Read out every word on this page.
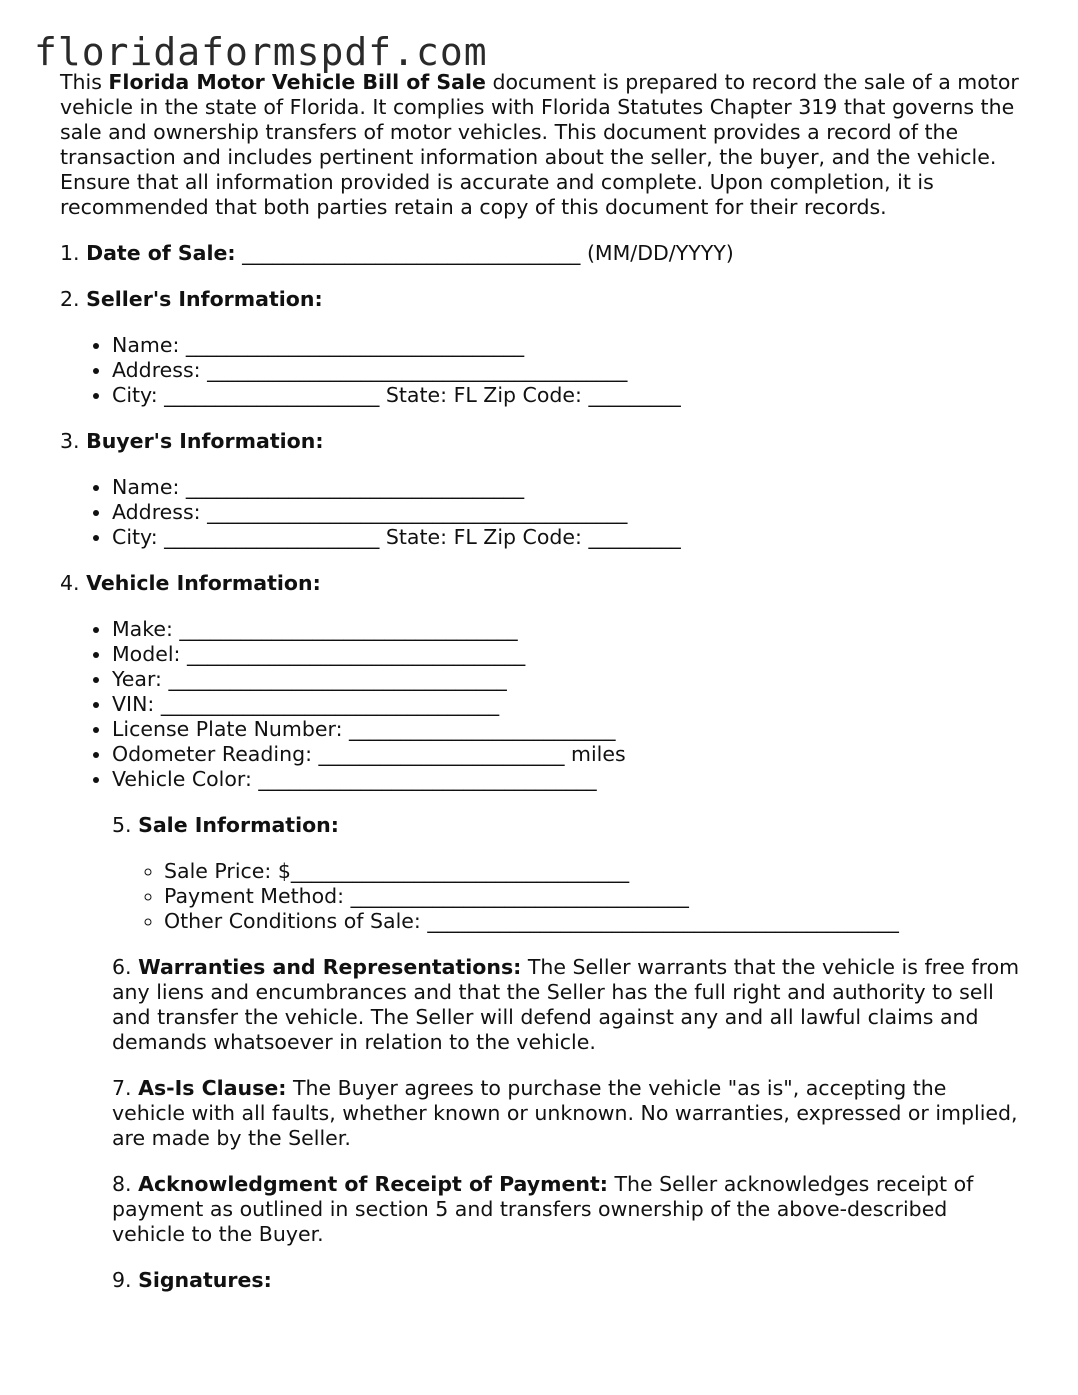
floridaformspdf.com

This Florida Motor Vehicle Bill of Sale document is prepared to record the sale of a motor vehicle in the state of Florida. It complies with Florida Statutes Chapter 319 that governs the sale and ownership transfers of motor vehicles. This document provides a record of the transaction and includes pertinent information about the seller, the buyer, and the vehicle. Ensure that all information provided is accurate and complete. Upon completion, it is recommended that both parties retain a copy of this document for their records.

1. Date of Sale: _________________________________ (MM/DD/YYYY)

2. Seller's Information:

• Name: _________________________________
• Address: _________________________________________
• City: _____________________ State: FL Zip Code: _________

3. Buyer's Information:

• Name: _________________________________
• Address: _________________________________________
• City: _____________________ State: FL Zip Code: _________

4. Vehicle Information:

• Make: _________________________________
• Model: _________________________________
• Year: _________________________________
• VIN: _________________________________
• License Plate Number: __________________________
• Odometer Reading: ________________________ miles
• Vehicle Color: _________________________________

5. Sale Information:

◦ Sale Price: $_________________________________
◦ Payment Method: _________________________________
◦ Other Conditions of Sale: ______________________________________________

6. Warranties and Representations: The Seller warrants that the vehicle is free from any liens and encumbrances and that the Seller has the full right and authority to sell and transfer the vehicle. The Seller will defend against any and all lawful claims and demands whatsoever in relation to the vehicle.

7. As-Is Clause: The Buyer agrees to purchase the vehicle "as is", accepting the vehicle with all faults, whether known or unknown. No warranties, expressed or implied, are made by the Seller.

8. Acknowledgment of Receipt of Payment: The Seller acknowledges receipt of payment as outlined in section 5 and transfers ownership of the above-described vehicle to the Buyer.

9. Signatures:
